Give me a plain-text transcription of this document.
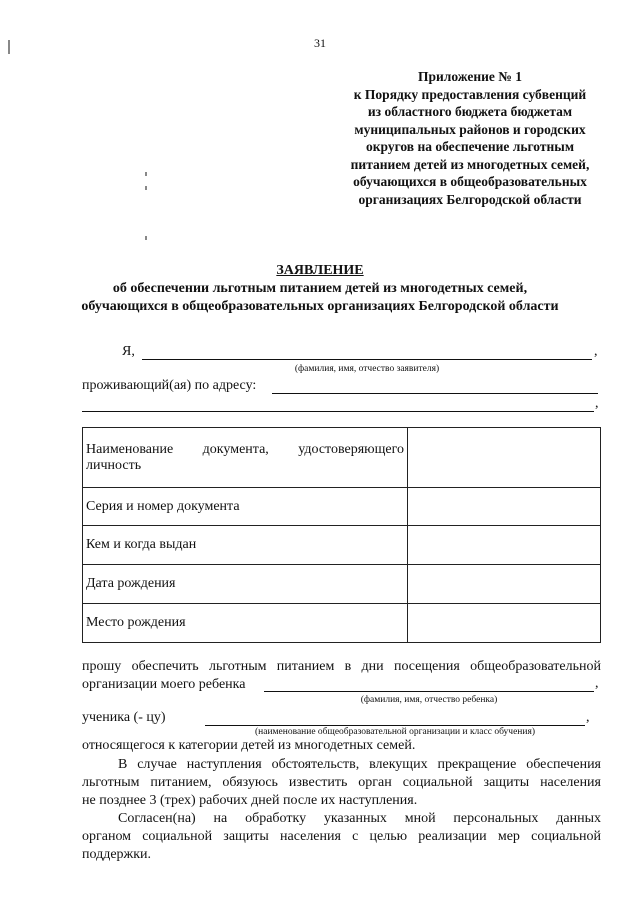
31
Приложение № 1
к Порядку предоставления субвенций
из областного бюджета бюджетам
муниципальных районов и городских
округов на обеспечение льготным
питанием детей из многодетных семей,
обучающихся в общеобразовательных
организациях Белгородской области
ЗАЯВЛЕНИЕ
об обеспечении льготным питанием детей из многодетных семей,
обучающихся в общеобразовательных организациях Белгородской области
Я,	,
(фамилия, имя, отчество заявителя)
проживающий(ая) по адресу:
,
Наименование документа, удостоверяющего
личность	

Серия и номер документа	
Кем и когда выдан	
Дата рождения	
Место рождения	
прошу обеспечить льготным питанием в дни посещения общеобразовательной
организации моего ребенка	,
(фамилия, имя, отчество ребенка)
ученика (- цу)	,
(наименование общеобразовательной организации и класс обучения)
относящегося к категории детей из многодетных семей.
В случае наступления обстоятельств, влекущих прекращение обеспечения
льготным питанием, обязуюсь известить орган социальной защиты населения
не позднее 3 (трех) рабочих дней после их наступления.
Согласен(на) на обработку указанных мной персональных данных
органом социальной защиты населения с целью реализации мер социальной
поддержки.
